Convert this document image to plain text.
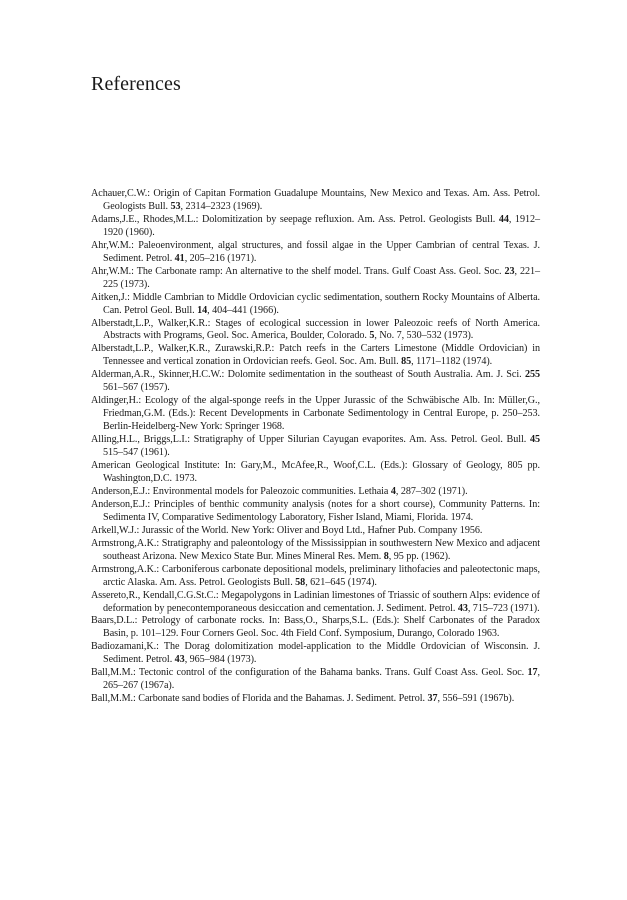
References
Achauer,C.W.: Origin of Capitan Formation Guadalupe Mountains, New Mexico and Texas. Am. Ass. Petrol. Geologists Bull. 53, 2314–2323 (1969).
Adams,J.E., Rhodes,M.L.: Dolomitization by seepage refluxion. Am. Ass. Petrol. Geologists Bull. 44, 1912–1920 (1960).
Ahr,W.M.: Paleoenvironment, algal structures, and fossil algae in the Upper Cambrian of central Texas. J. Sediment. Petrol. 41, 205–216 (1971).
Ahr,W.M.: The Carbonate ramp: An alternative to the shelf model. Trans. Gulf Coast Ass. Geol. Soc. 23, 221–225 (1973).
Aitken,J.: Middle Cambrian to Middle Ordovician cyclic sedimentation, southern Rocky Mountains of Alberta. Can. Petrol Geol. Bull. 14, 404–441 (1966).
Alberstadt,L.P., Walker,K.R.: Stages of ecological succession in lower Paleozoic reefs of North America. Abstracts with Programs, Geol. Soc. America, Boulder, Colorado. 5, No. 7, 530–532 (1973).
Alberstadt,L.P., Walker,K.R., Zurawski,R.P.: Patch reefs in the Carters Limestone (Middle Ordovician) in Tennessee and vertical zonation in Ordovician reefs. Geol. Soc. Am. Bull. 85, 1171–1182 (1974).
Alderman,A.R., Skinner,H.C.W.: Dolomite sedimentation in the southeast of South Australia. Am. J. Sci. 255 561–567 (1957).
Aldinger,H.: Ecology of the algal-sponge reefs in the Upper Jurassic of the Schwäbische Alb. In: Müller,G., Friedman,G.M. (Eds.): Recent Developments in Carbonate Sedimentology in Central Europe, p. 250–253. Berlin-Heidelberg-New York: Springer 1968.
Alling,H.L., Briggs,L.I.: Stratigraphy of Upper Silurian Cayugan evaporites. Am. Ass. Petrol. Geol. Bull. 45 515–547 (1961).
American Geological Institute: In: Gary,M., McAfee,R., Woof,C.L. (Eds.): Glossary of Geology, 805 pp. Washington,D.C. 1973.
Anderson,E.J.: Environmental models for Paleozoic communities. Lethaia 4, 287–302 (1971).
Anderson,E.J.: Principles of benthic community analysis (notes for a short course), Community Patterns. In: Sedimenta IV, Comparative Sedimentology Laboratory, Fisher Island, Miami, Florida. 1974.
Arkell,W.J.: Jurassic of the World. New York: Oliver and Boyd Ltd., Hafner Pub. Company 1956.
Armstrong,A.K.: Stratigraphy and paleontology of the Mississippian in southwestern New Mexico and adjacent southeast Arizona. New Mexico State Bur. Mines Mineral Res. Mem. 8, 95 pp. (1962).
Armstrong,A.K.: Carboniferous carbonate depositional models, preliminary lithofacies and paleotectonic maps, arctic Alaska. Am. Ass. Petrol. Geologists Bull. 58, 621–645 (1974).
Assereto,R., Kendall,C.G.St.C.: Megapolygons in Ladinian limestones of Triassic of southern Alps: evidence of deformation by penecontemporaneous desiccation and cementation. J. Sediment. Petrol. 43, 715–723 (1971).
Baars,D.L.: Petrology of carbonate rocks. In: Bass,O., Sharps,S.L. (Eds.): Shelf Carbonates of the Paradox Basin, p. 101–129. Four Corners Geol. Soc. 4th Field Conf. Symposium, Durango, Colorado 1963.
Badiozamani,K.: The Dorag dolomitization model-application to the Middle Ordovician of Wisconsin. J. Sediment. Petrol. 43, 965–984 (1973).
Ball,M.M.: Tectonic control of the configuration of the Bahama banks. Trans. Gulf Coast Ass. Geol. Soc. 17, 265–267 (1967a).
Ball,M.M.: Carbonate sand bodies of Florida and the Bahamas. J. Sediment. Petrol. 37, 556–591 (1967b).
